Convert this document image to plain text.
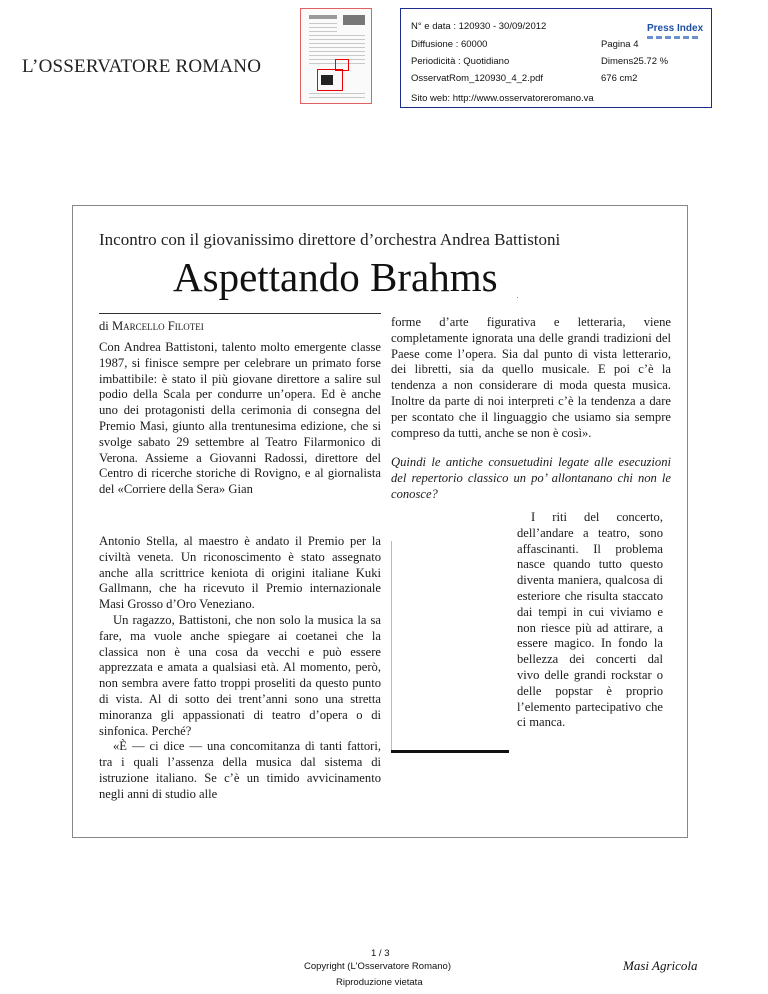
L’OSSERVATORE ROMANO
N° e data : 120930 - 30/09/2012
Diffusione : 60000
Periodicità : Quotidiano
OsservatRom_120930_4_2.pdf
Pagina 4
Dimens25.72 %
676 cm2
Sito web: http://www.osservatoreromano.va
Press Index
Incontro con il giovanissimo direttore d’orchestra Andrea Battistoni
Aspettando Brahms
di Marcello Filotei

Con Andrea Battistoni, talento molto emergente classe 1987, si finisce sempre per celebrare un primato forse imbattibile: è stato il più giovane direttore a salire sul podio della Scala per condurre un’opera. Ed è anche uno dei protagonisti della cerimonia di consegna del Premio Masi, giunto alla trentunesima edizione, che si svolge sabato 29 settembre al Teatro Filarmonico di Verona. Assieme a Giovanni Radossi, direttore del Centro di ricerche storiche di Rovigno, e al giornalista del «Corriere della Sera» Gian

Antonio Stella, al maestro è andato il Premio per la civiltà veneta. Un riconoscimento è stato assegnato anche alla scrittrice keniota di origini italiane Kuki Gallmann, che ha ricevuto il Premio internazionale Masi Grosso d’Oro Veneziano.

Un ragazzo, Battistoni, che non solo la musica la sa fare, ma vuole anche spiegare ai coetanei che la classica non è una cosa da vecchi e può essere apprezzata e amata a qualsiasi età. Al momento, però, non sembra avere fatto troppi proseliti da questo punto di vista. Al di sotto dei trent’anni sono una stretta minoranza gli appassionati di teatro d’opera o di sinfonica. Perché?

«È — ci dice — una concomitanza di tanti fattori, tra i quali l’assenza della musica dal sistema di istruzione italiano. Se c’è un timido avvicinamento negli anni di studio alle

forme d’arte figurativa e letteraria, viene completamente ignorata una delle grandi tradizioni del Paese come l’opera. Sia dal punto di vista letterario, dei libretti, sia da quello musicale. E poi c’è la tendenza a non considerare di moda questa musica. Inoltre da parte di noi interpreti c’è la tendenza a dare per scontato che il linguaggio che usiamo sia sempre compreso da tutti, anche se non è così».

Quindi le antiche consuetudini legate alle esecuzioni del repertorio classico un po’ allontanano chi non le conosce?

I riti del concerto, dell’andare a teatro, sono affascinanti. Il problema nasce quando tutto questo diventa maniera, qualcosa di esteriore che risulta staccato dai tempi in cui viviamo e non riesce più ad attirare, a essere magico. In fondo la bellezza dei concerti dal vivo delle grandi rockstar o delle popstar è proprio l’elemento partecipativo che ci manca.

1 / 3
Copyright (L'Osservatore Romano)
Riproduzione vietata
Masi Agricola
